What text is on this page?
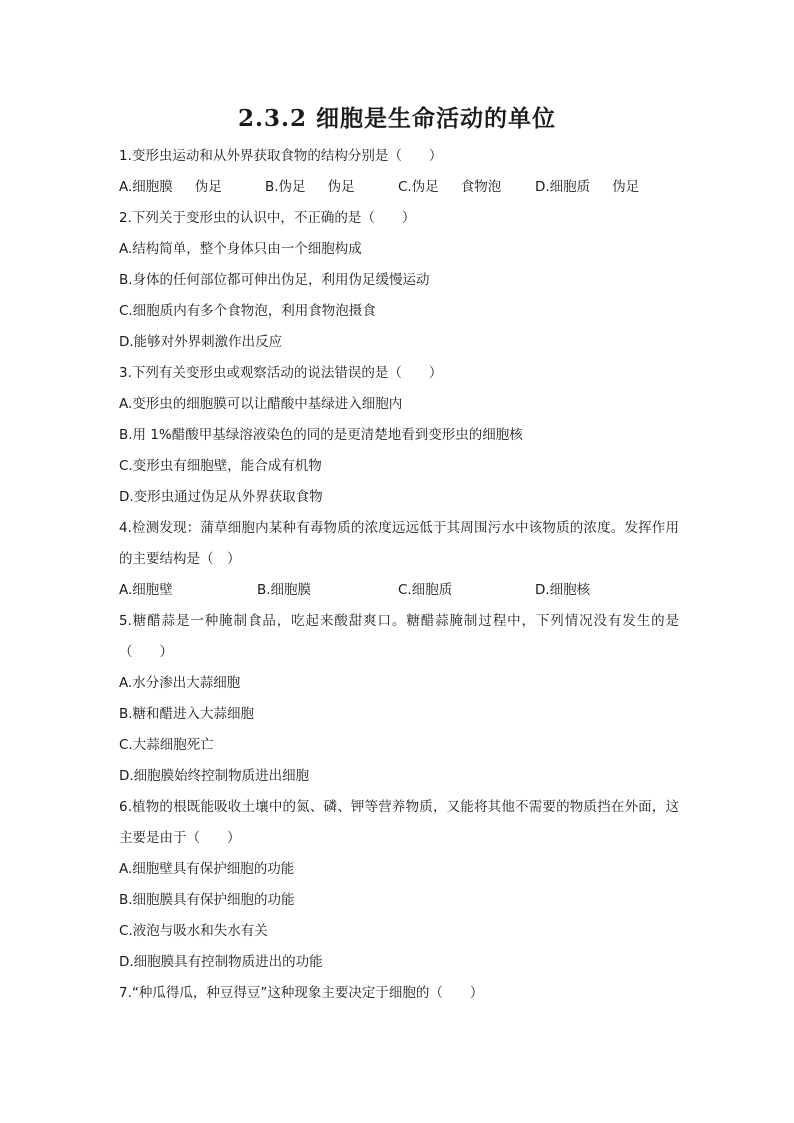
2.3.2 细胞是生命活动的单位
1.变形虫运动和从外界获取食物的结构分别是（　　）
A.细胞膜　  伪足	B.伪足　  伪足	C.伪足　  食物泡 D.细胞质　  伪足
2.下列关于变形虫的认识中，不正确的是（　　）
A.结构简单，整个身体只由一个细胞构成
B.身体的任何部位都可伸出伪足，利用伪足缓慢运动
C.细胞质内有多个食物泡，利用食物泡摄食
D.能够对外界刺激作出反应
3.下列有关变形虫或观察活动的说法错误的是（　　）
A.变形虫的细胞膜可以让醋酸中基绿进入细胞内
B.用 1%醋酸甲基绿溶液染色的同的是更清楚地看到变形虫的细胞核
C.变形虫有细胞壁，能合成有机物
D.变形虫通过伪足从外界获取食物
4.检测发现：蒲草细胞内某种有毒物质的浓度远远低于其周围污水中该物质的浓度。发挥作用的主要结构是（　）
A.细胞壁	B.细胞膜	C.细胞质	D.细胞核
5.糖醋蒜是一种腌制食品，吃起来酸甜爽口。糖醋蒜腌制过程中，下列情况没有发生的是（　　）
A.水分渗出大蒜细胞
B.糖和醋进入大蒜细胞
C.大蒜细胞死亡
D.细胞膜始终控制物质进出细胞
6.植物的根既能吸收土壤中的氮、磷、钾等营养物质，又能将其他不需要的物质挡在外面，这主要是由于（　　）
A.细胞壁具有保护细胞的功能
B.细胞膜具有保护细胞的功能
C.液泡与吸水和失水有关
D.细胞膜具有控制物质进出的功能
7.“种瓜得瓜，种豆得豆”这种现象主要决定于细胞的（　　）
